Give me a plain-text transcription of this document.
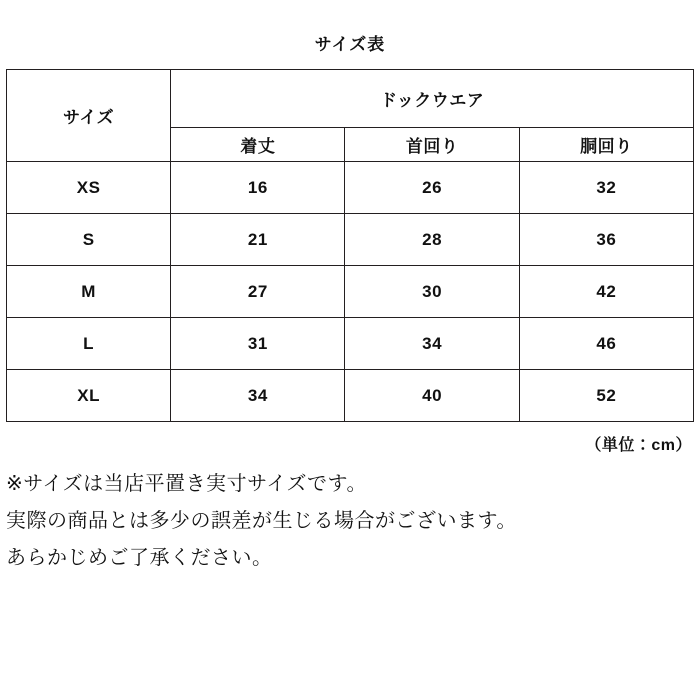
サイズ表
サイズ	ドックウエア		
	着丈	首回り	胴回り
XS	16	26	32
S	21	28	36
M	27	30	42
L	31	34	46
XL	34	40	52
（単位：cm）

※サイズは当店平置き実寸サイズです。

実際の商品とは多少の誤差が生じる場合がございます。

あらかじめご了承ください。
